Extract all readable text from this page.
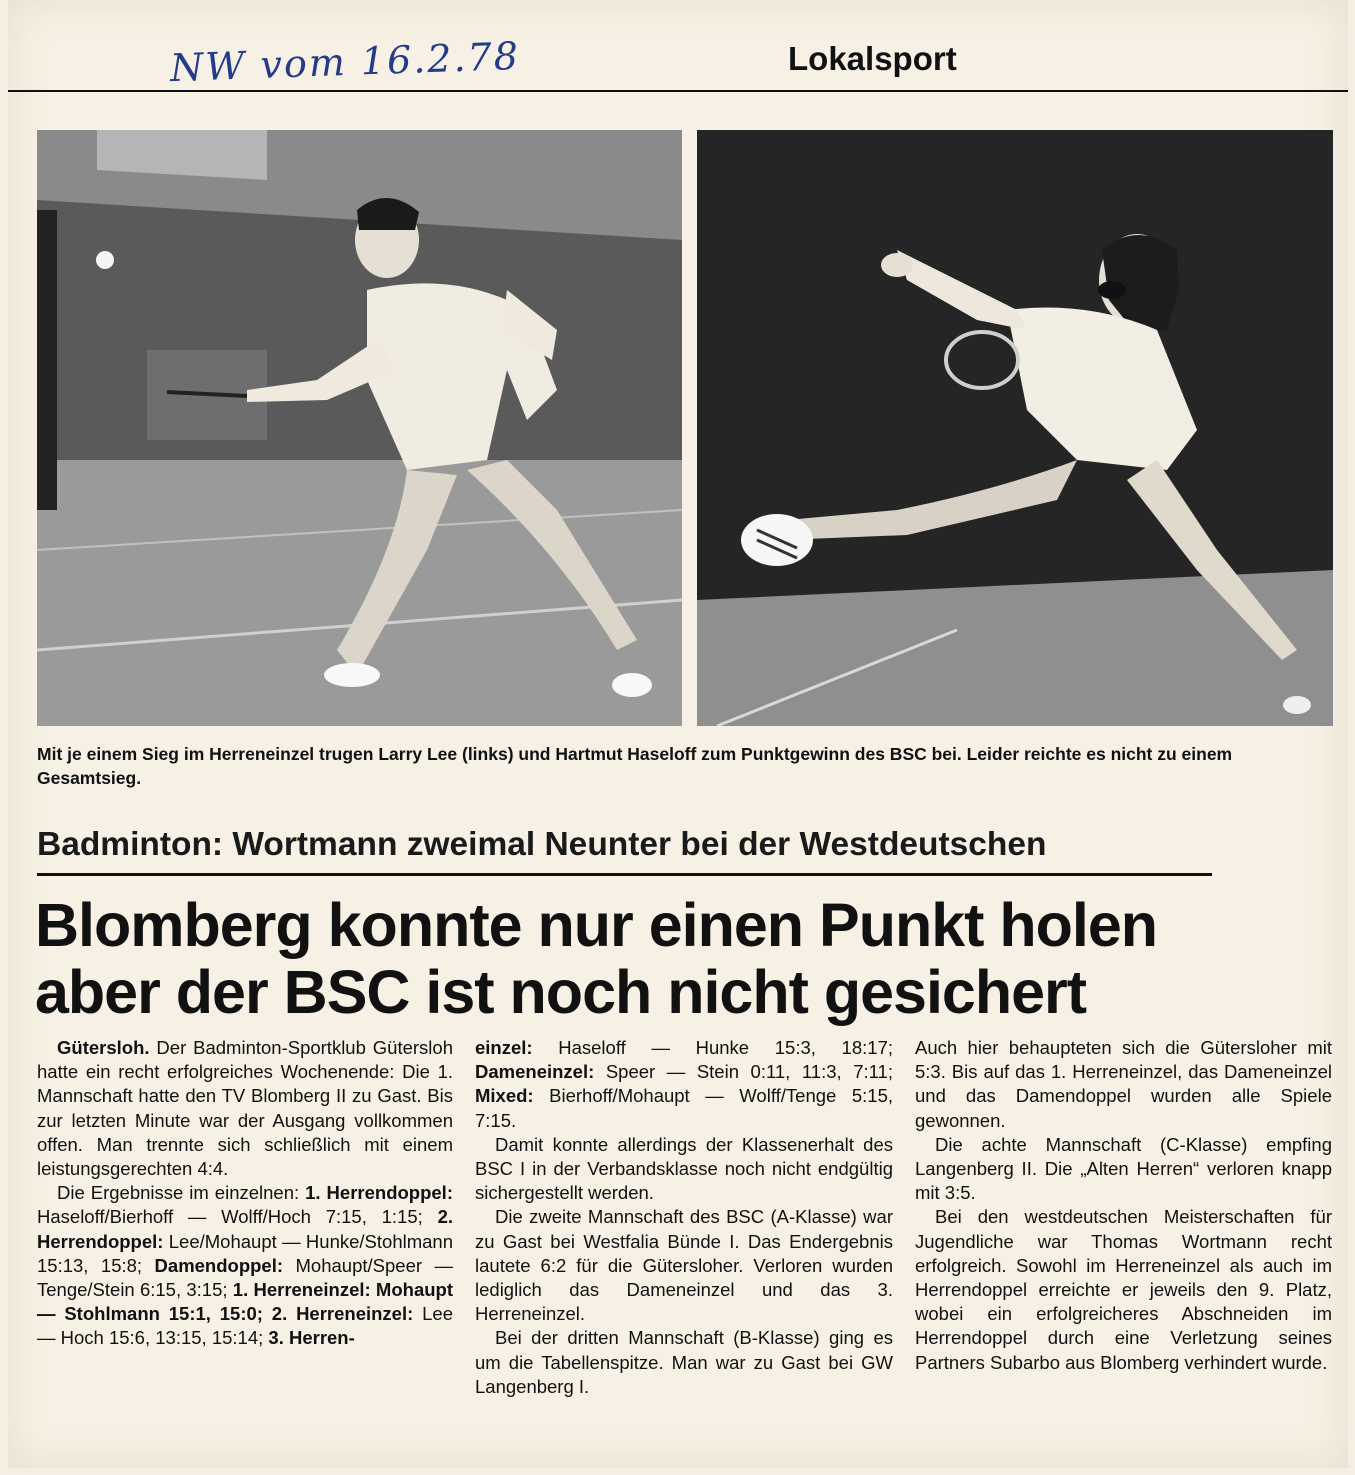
NW vom 16.2.78	Lokalsport
Mit je einem Sieg im Herreneinzel trugen Larry Lee (links) und Hartmut Haseloff zum Punktgewinn des BSC bei. Leider reichte es nicht zu einem Gesamtsieg.
Badminton: Wortmann zweimal Neunter bei der Westdeutschen
Blomberg konnte nur einen Punkt holen
aber der BSC ist noch nicht gesichert

Gütersloh. Der Badminton-Sportklub Gütersloh hatte ein recht erfolgreiches Wochenende: Die 1. Mannschaft hatte den TV Blomberg II zu Gast. Bis zur letzten Minute war der Ausgang vollkommen offen. Man trennte sich schließlich mit einem leistungsgerechten 4:4.

Die Ergebnisse im einzelnen: 1. Herrendoppel: Haseloff/Bierhoff — Wolff/Hoch 7:15, 1:15; 2. Herrendoppel: Lee/Mohaupt — Hunke/Stohlmann 15:13, 15:8; Damendoppel: Mohaupt/Speer — Tenge/Stein 6:15, 3:15; 1. Herreneinzel: Mohaupt — Stohlmann 15:1, 15:0; 2. Herreneinzel: Lee — Hoch 15:6, 13:15, 15:14; 3. Herren-

einzel: Haseloff — Hunke 15:3, 18:17; Dameneinzel: Speer — Stein 0:11, 11:3, 7:11; Mixed: Bierhoff/Mohaupt — Wolff/Tenge 5:15, 7:15.

Damit konnte allerdings der Klassenerhalt des BSC I in der Verbandsklasse noch nicht endgültig sichergestellt werden.

Die zweite Mannschaft des BSC (A-Klasse) war zu Gast bei Westfalia Bünde I. Das Endergebnis lautete 6:2 für die Gütersloher. Verloren wurden lediglich das Dameneinzel und das 3. Herreneinzel.

Bei der dritten Mannschaft (B-Klasse) ging es um die Tabellenspitze. Man war zu Gast bei GW Langenberg I.

Auch hier behaupteten sich die Gütersloher mit 5:3. Bis auf das 1. Herreneinzel, das Dameneinzel und das Damendoppel wurden alle Spiele gewonnen.

Die achte Mannschaft (C-Klasse) empfing Langenberg II. Die „Alten Herren“ verloren knapp mit 3:5.

Bei den westdeutschen Meisterschaften für Jugendliche war Thomas Wortmann recht erfolgreich. Sowohl im Herreneinzel als auch im Herrendoppel erreichte er jeweils den 9. Platz, wobei ein erfolgreicheres Abschneiden im Herrendoppel durch eine Verletzung seines Partners Subarbo aus Blomberg verhindert wurde.
